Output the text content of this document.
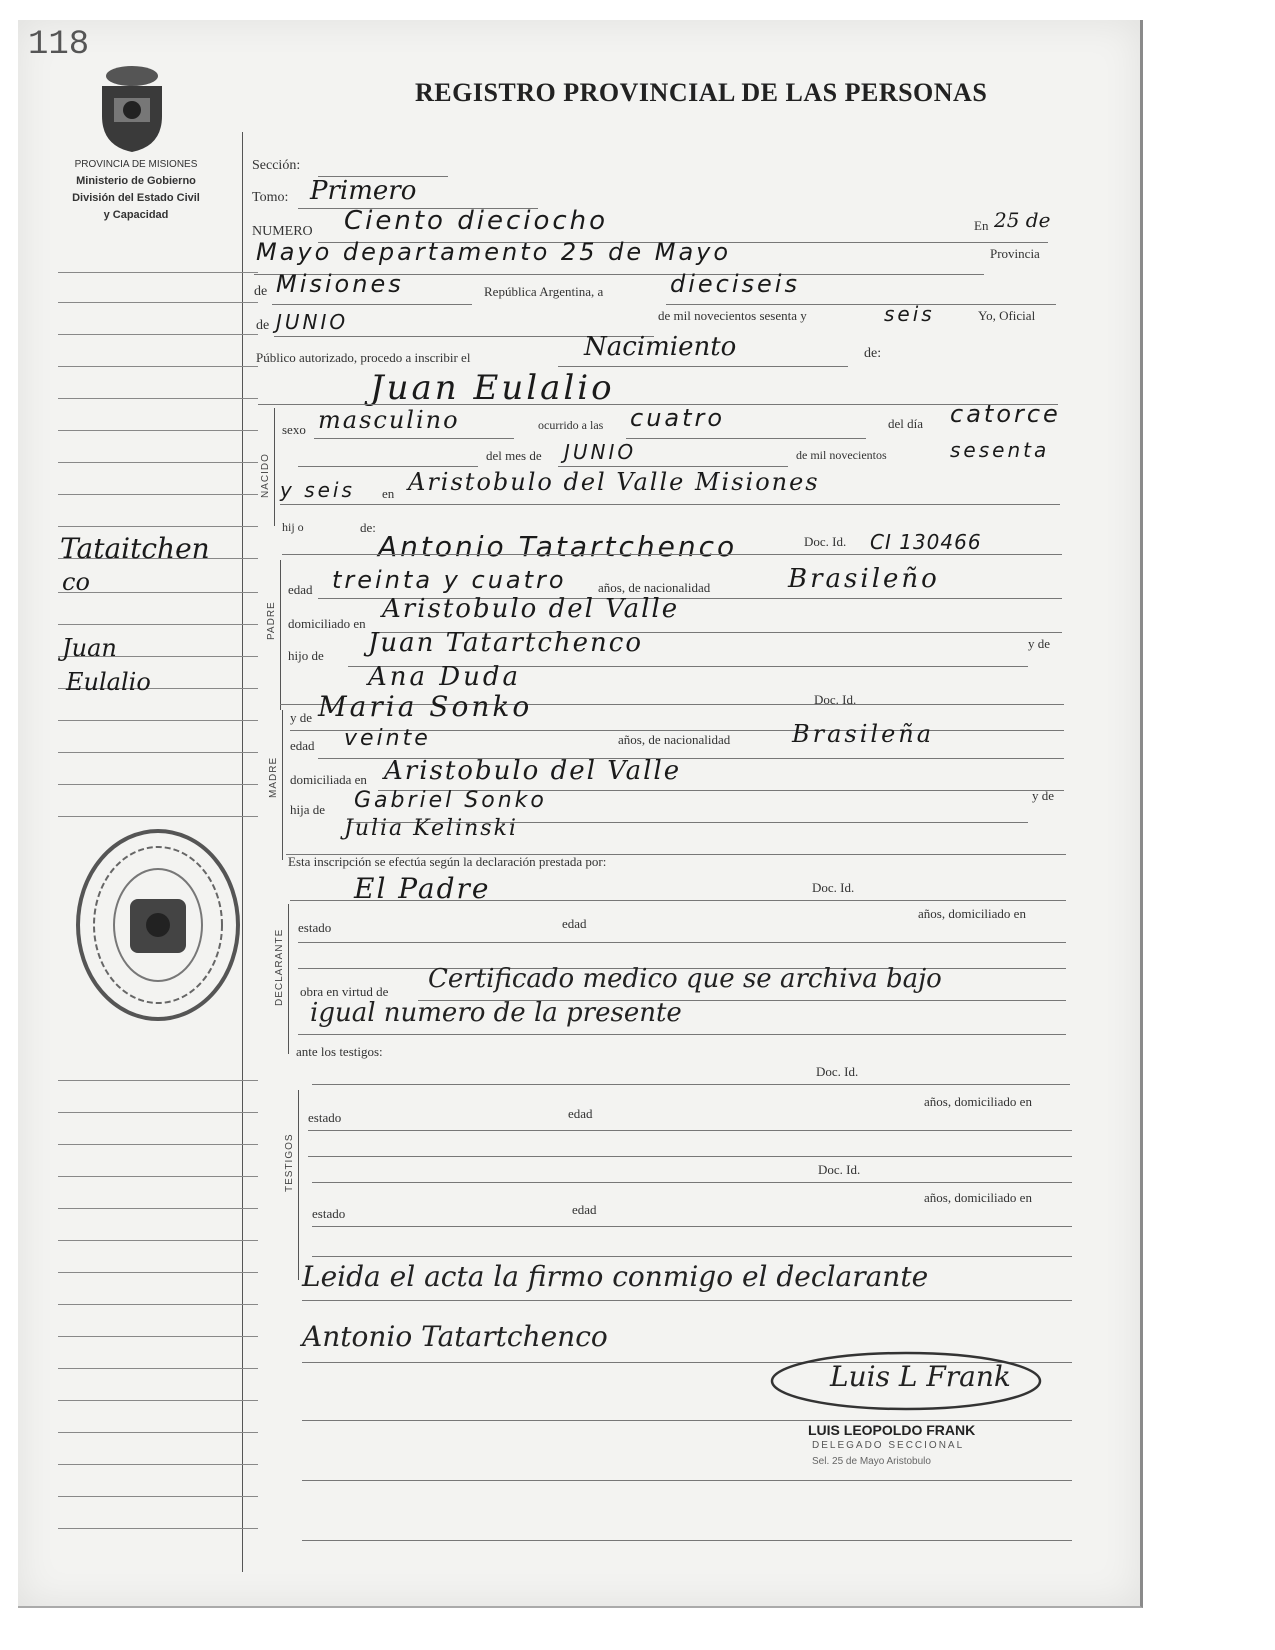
118
PROVINCIA DE MISIONES
Ministerio de Gobierno
División del Estado Civil
y Capacidad
REGISTRO PROVINCIAL DE LAS PERSONAS
Tataitchen
co
Juan
Eulalio
Sección:
Tomo: Primero
NUMERO Ciento dieciocho	En 25 de
Mayo departamento 25 de Mayo	Provincia
de Misiones	República Argentina, a	dieciseis
de JUNIO	de mil novecientos sesenta y	seis	Yo, Oficial
Público autorizado, procedo a inscribir el	Nacimiento	de:
Juan Eulalio
NACIDO
sexo masculino	ocurrido a las cuatro	del día catorce
del mes de JUNIO	de mil novecientos	sesenta
y seis en Aristobulo del Valle Misiones
hij o	de:
Antonio Tatartchenco	Doc. Id. CI 130466
PADRE
edad treinta y cuatro años, de nacionalidad	Brasileño
domiciliado en Aristobulo del Valle
hijo de Juan Tatartchenco	y de
Ana Duda
MADRE
y de Maria Sonko	Doc. Id.
edad veinte	años, de nacionalidad	Brasileña
domiciliada en Aristobulo del Valle
hija de Gabriel Sonko	y de
Julia Kelinski
Esta inscripción se efectúa según la declaración prestada por:
El Padre	Doc. Id.
DECLARANTE
estado	edad
años, domiciliado en
obra en virtud de Certificado medico que se archiva bajo
igual numero de la presente
ante los testigos:
Doc. Id.
TESTIGOS
estado	edad
años, domiciliado en
Doc. Id.
estado	edad
años, domiciliado en
Leida el acta la firmo conmigo el declarante
Antonio Tatartchenco
Luis L Frank
LUIS LEOPOLDO FRANK
DELEGADO SECCIONAL
Sel. 25 de Mayo Aristobulo
